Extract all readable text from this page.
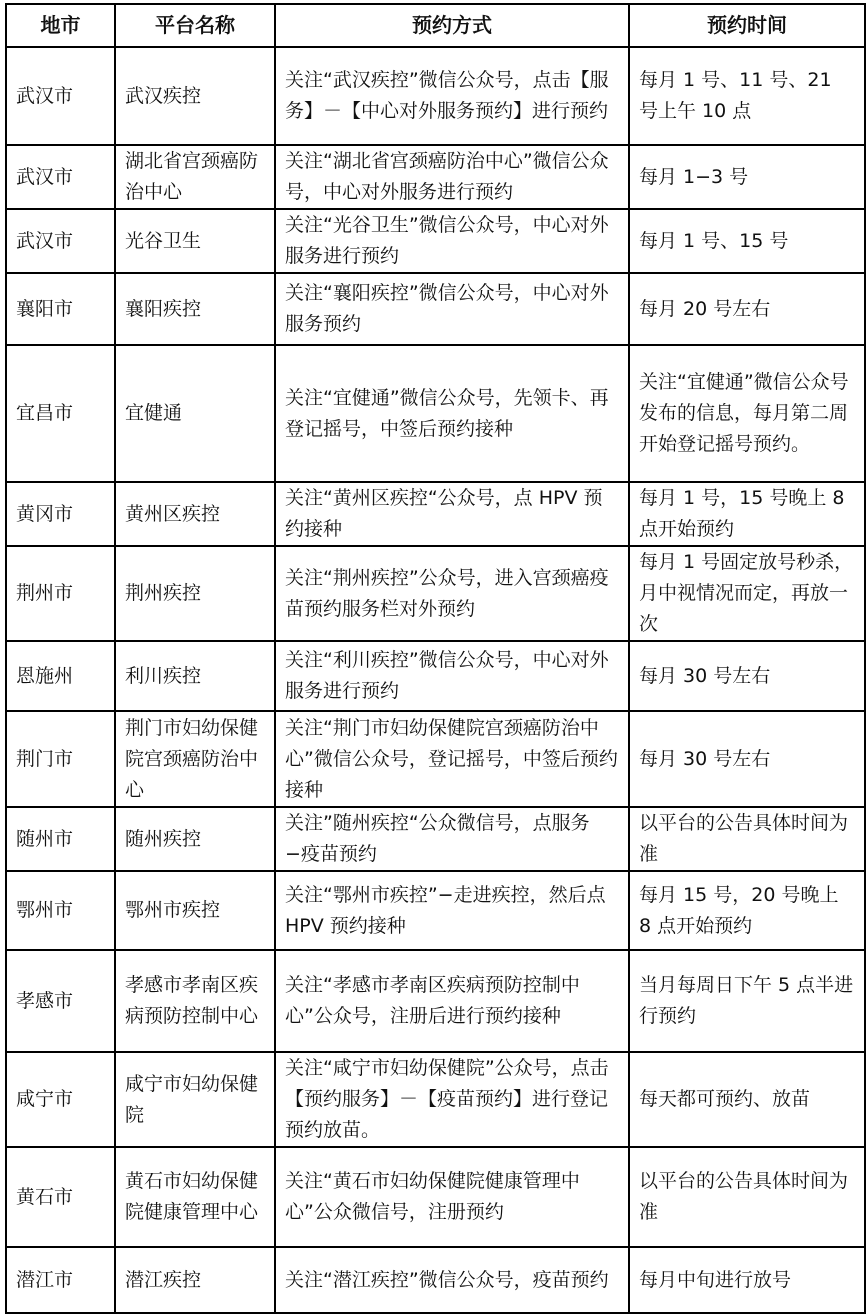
地市	平台名称	预约方式	预约时间
武汉市	武汉疾控	关注“武汉疾控”微信公众号，点击【服务】－【中心对外服务预约】进行预约	每月 1 号、11 号、21 号上午 10 点
武汉市	湖北省宫颈癌防治中心	关注“湖北省宫颈癌防治中心”微信公众号，中心对外服务进行预约	每月 1−3 号
武汉市	光谷卫生	关注“光谷卫生”微信公众号，中心对外服务进行预约	每月 1 号、15 号
襄阳市	襄阳疾控	关注“襄阳疾控”微信公众号，中心对外服务预约	每月 20 号左右
宜昌市	宜健通	关注“宜健通”微信公众号，先领卡、再登记摇号，中签后预约接种	关注“宜健通”微信公众号发布的信息，每月第二周开始登记摇号预约。
黄冈市	黄州区疾控	关注“黄州区疾控“公众号，点 HPV 预约接种	每月 1 号，15 号晚上 8 点开始预约
荆州市	荆州疾控	关注“荆州疾控”公众号，进入宫颈癌疫苗预约服务栏对外预约	每月 1 号固定放号秒杀，月中视情况而定，再放一次
恩施州	利川疾控	关注“利川疾控”微信公众号，中心对外服务进行预约	每月 30 号左右
荆门市	荆门市妇幼保健院宫颈癌防治中心	关注“荆门市妇幼保健院宫颈癌防治中心”微信公众号，登记摇号，中签后预约接种	每月 30 号左右
随州市	随州疾控	关注”随州疾控“公众微信号，点服务−疫苗预约	以平台的公告具体时间为准
鄂州市	鄂州市疾控	关注“鄂州市疾控”−走进疾控，然后点 HPV 预约接种	每月 15 号，20 号晚上 8 点开始预约
孝感市	孝感市孝南区疾病预防控制中心	关注“孝感市孝南区疾病预防控制中心”公众号，注册后进行预约接种	当月每周日下午 5 点半进行预约
咸宁市	咸宁市妇幼保健院	关注“咸宁市妇幼保健院”公众号，点击【预约服务】－【疫苗预约】进行登记预约放苗。	每天都可预约、放苗
黄石市	黄石市妇幼保健院健康管理中心	关注“黄石市妇幼保健院健康管理中心”公众微信号，注册预约	以平台的公告具体时间为准
潜江市	潜江疾控	关注“潜江疾控”微信公众号，疫苗预约	每月中旬进行放号
